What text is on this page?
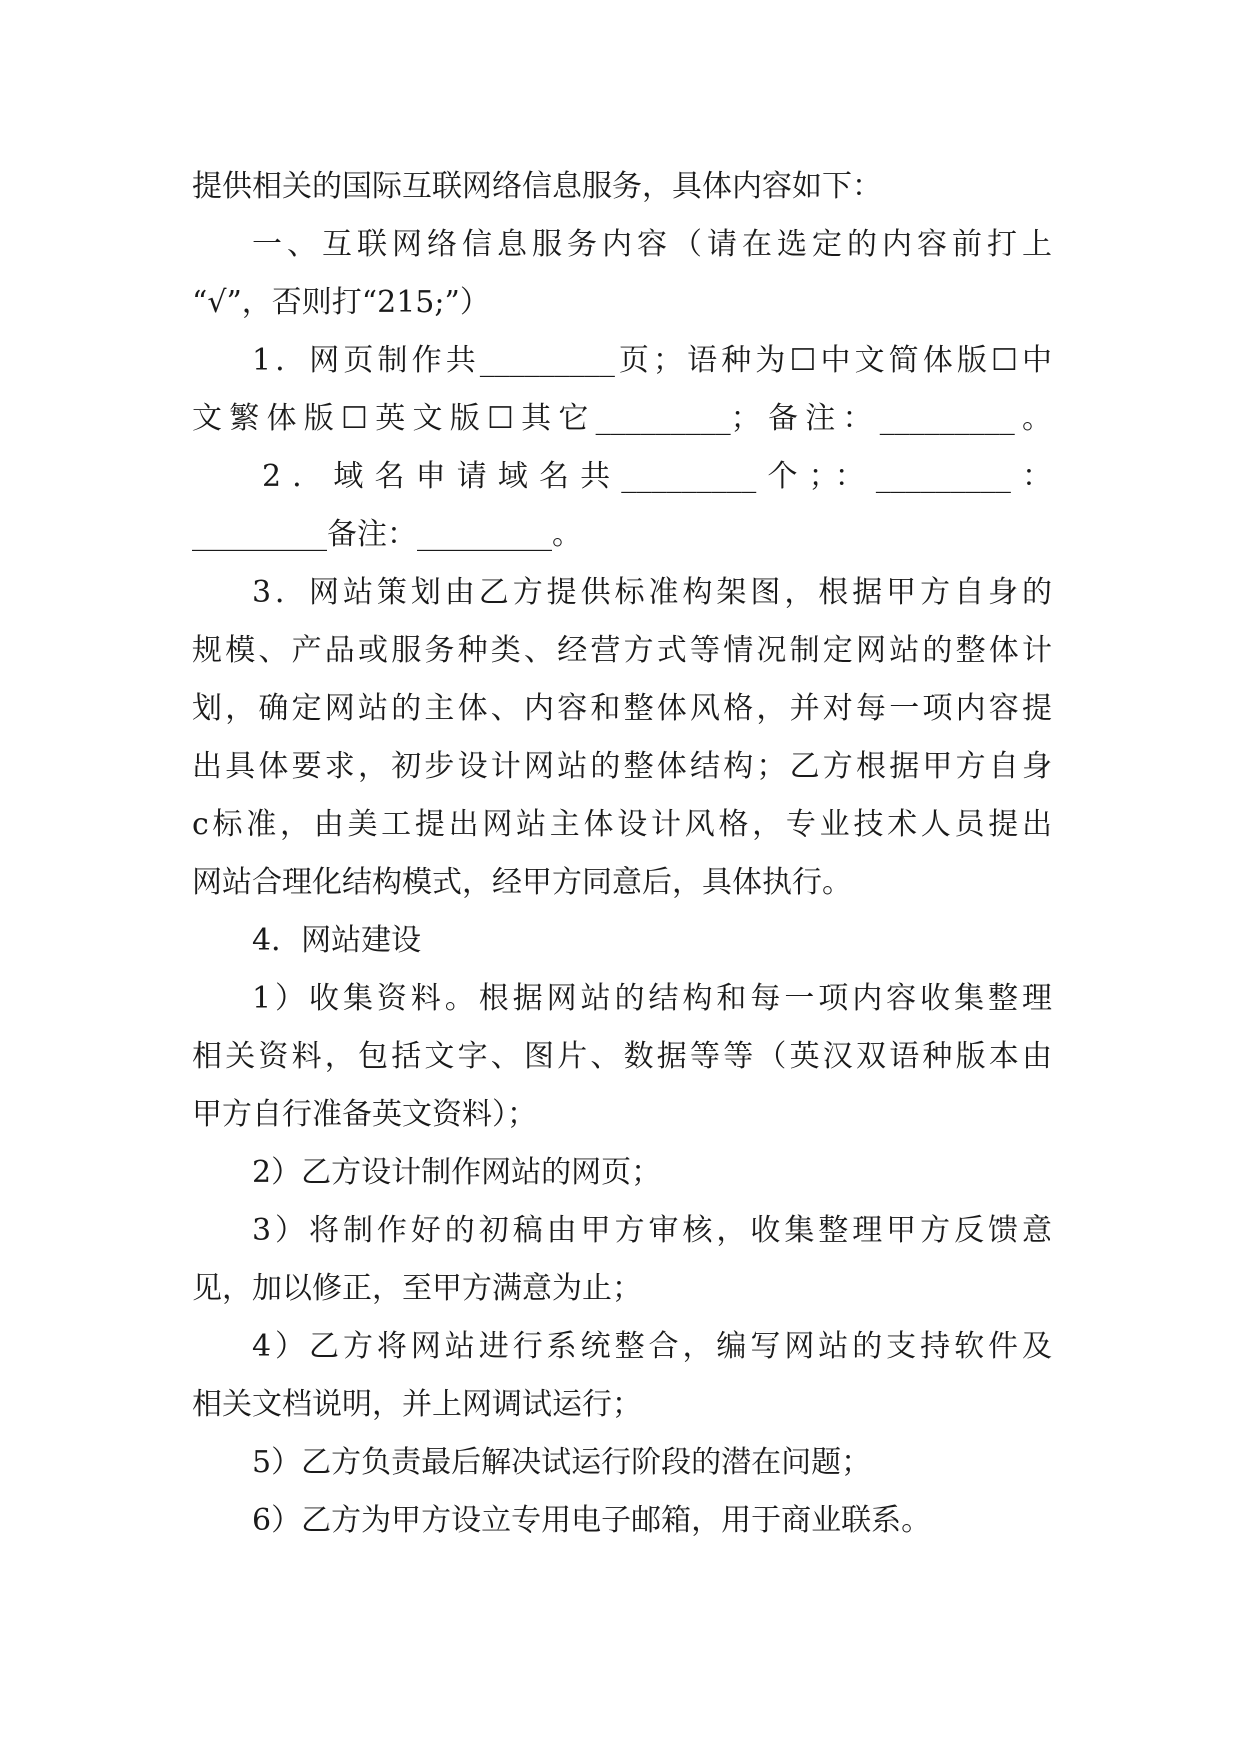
提供相关的国际互联网络信息服务，具体内容如下：
一、互联网络信息服务内容（请在选定的内容前打上
“√”，否则打“215;”）
1．网页制作共_________页；语种为☐中文简体版☐中
文繁体版☐英文版☐其它_________；备注：_________。
2．域名申请域名共_________个；：_________：
_________备注：_________。
3．网站策划由乙方提供标准构架图，根据甲方自身的
规模、产品或服务种类、经营方式等情况制定网站的整体计
划，确定网站的主体、内容和整体风格，并对每一项内容提
出具体要求，初步设计网站的整体结构；乙方根据甲方自身
c标准，由美工提出网站主体设计风格，专业技术人员提出
网站合理化结构模式，经甲方同意后，具体执行。
4．网站建设
1）收集资料。根据网站的结构和每一项内容收集整理
相关资料，包括文字、图片、数据等等（英汉双语种版本由
甲方自行准备英文资料）；
2）乙方设计制作网站的网页；
3）将制作好的初稿由甲方审核，收集整理甲方反馈意
见，加以修正，至甲方满意为止；
4）乙方将网站进行系统整合，编写网站的支持软件及
相关文档说明，并上网调试运行；
5）乙方负责最后解决试运行阶段的潜在问题；
6）乙方为甲方设立专用电子邮箱，用于商业联系。
